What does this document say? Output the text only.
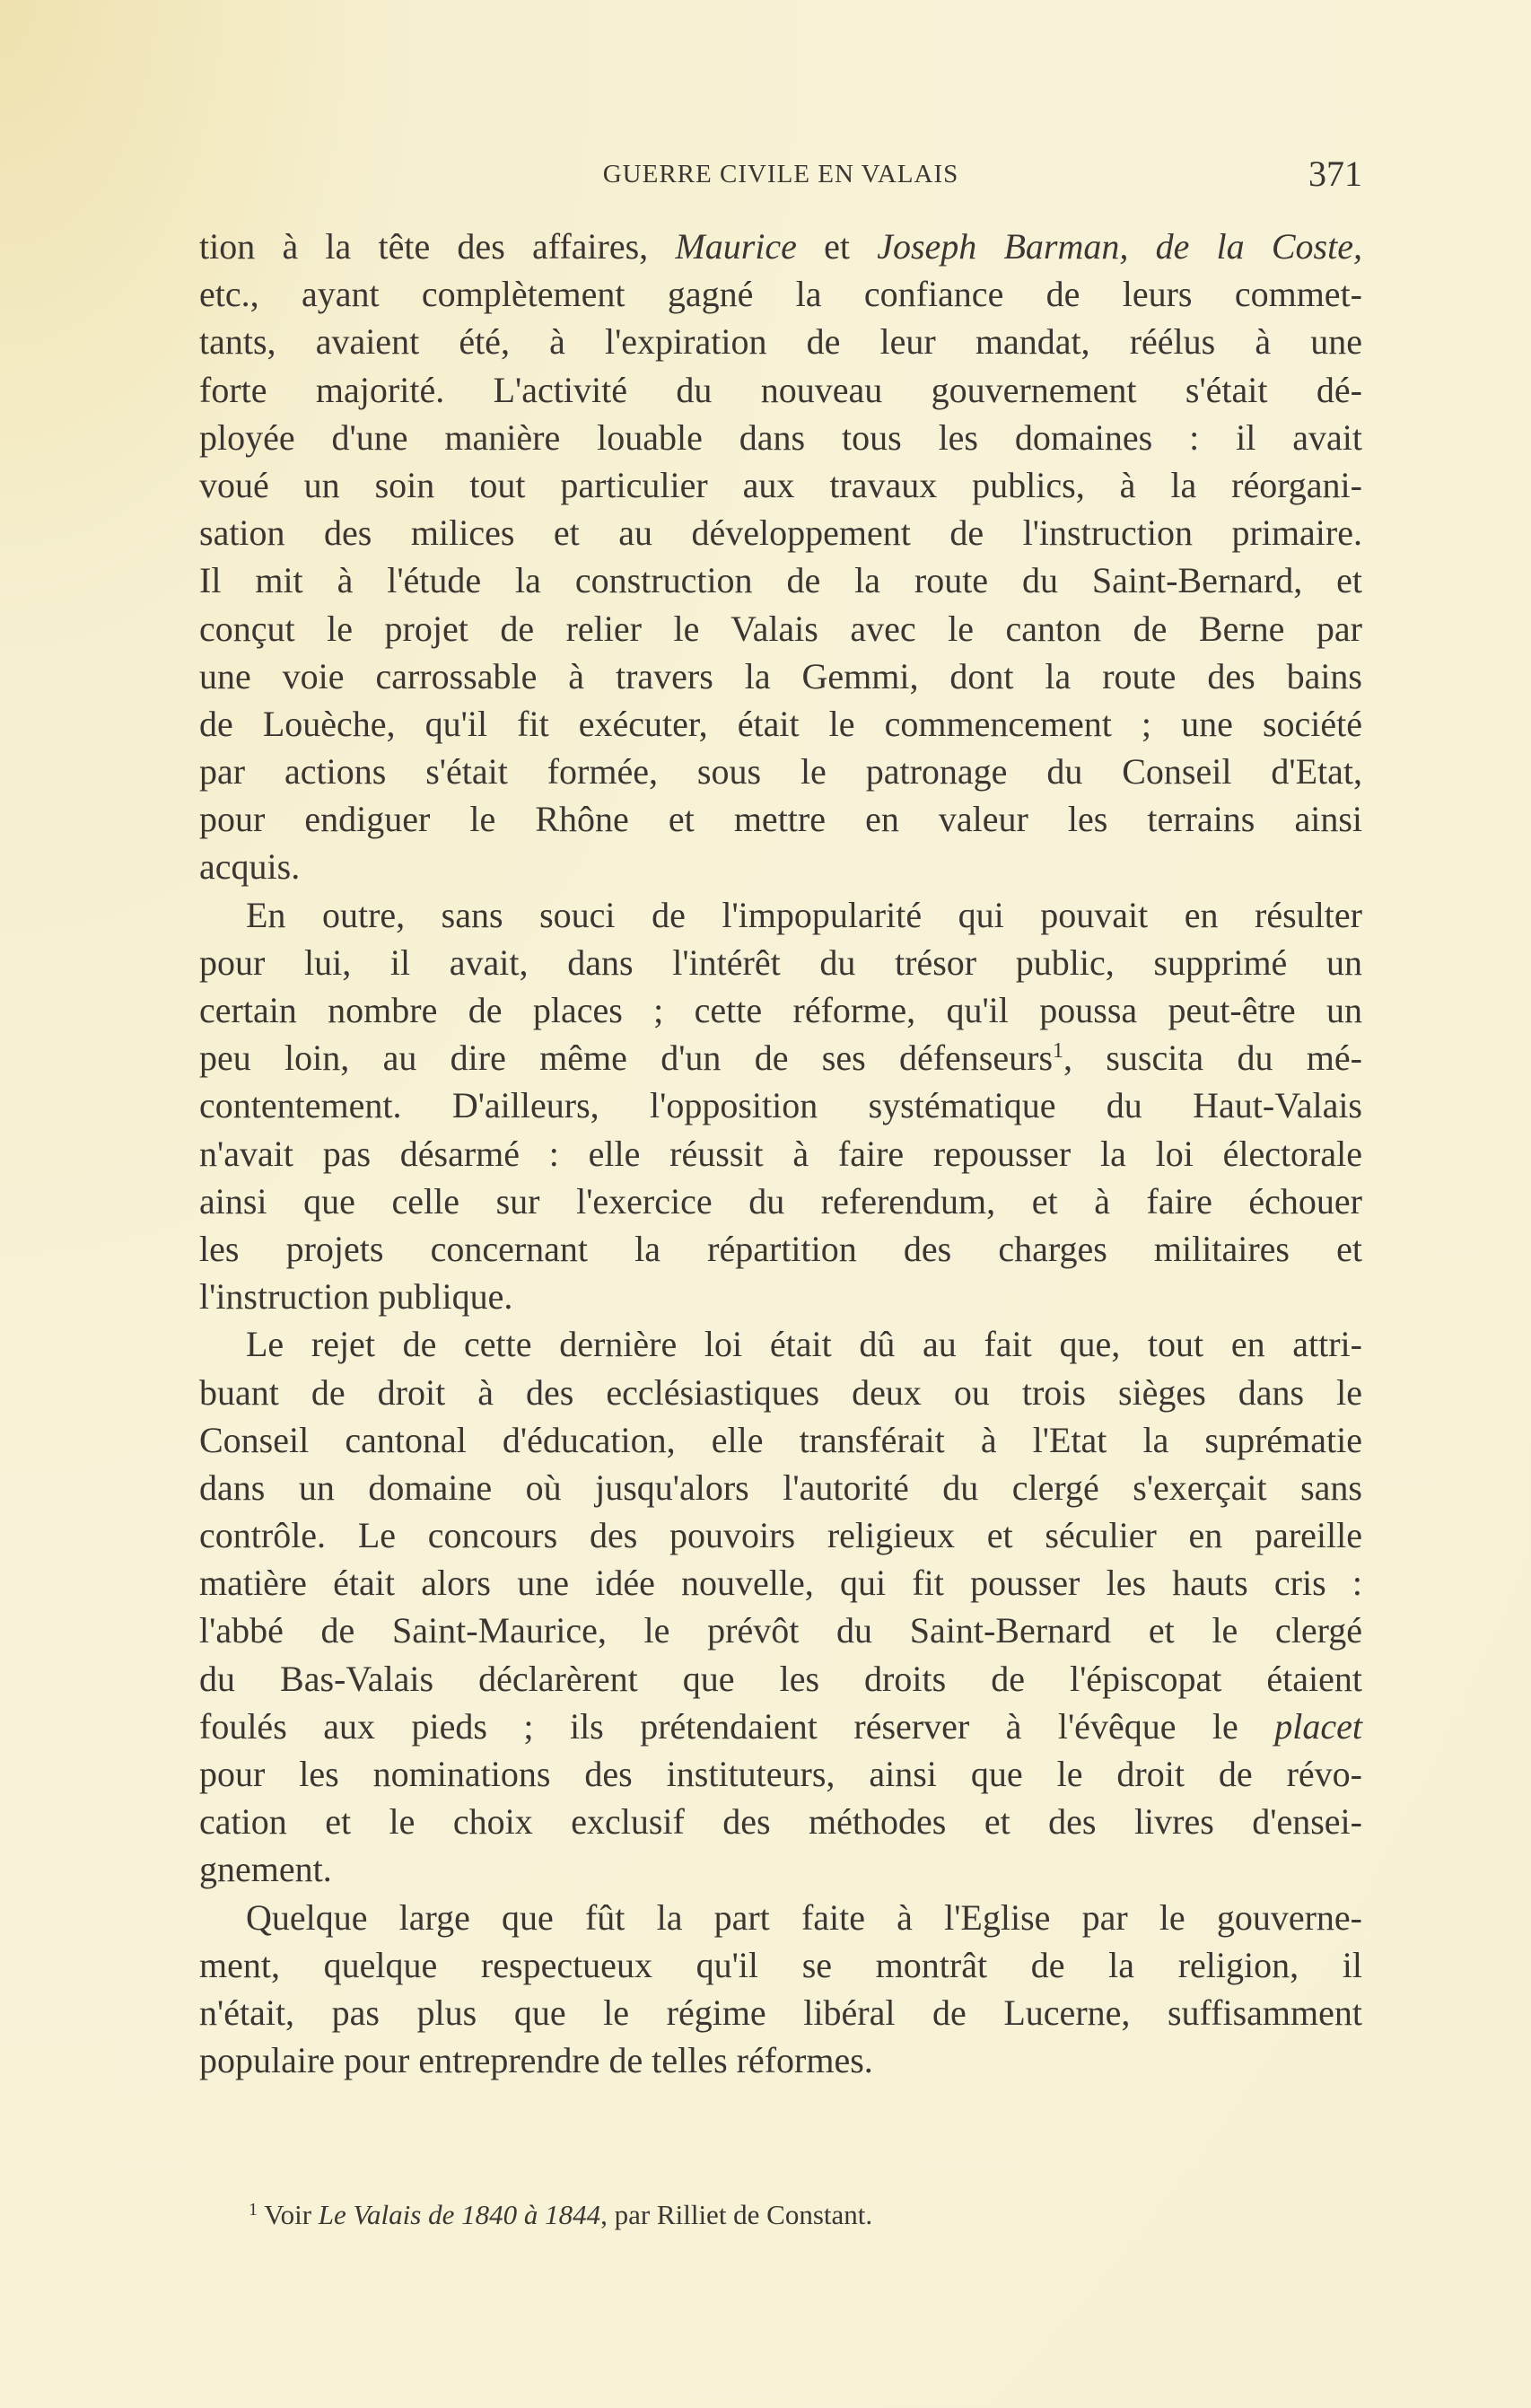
GUERRE CIVILE EN VALAIS	371
tion à la tête des affaires, Maurice et Joseph Barman, de la Coste,
etc., ayant complètement gagné la confiance de leurs commet-
tants, avaient été, à l'expiration de leur mandat, réélus à une
forte majorité. L'activité du nouveau gouvernement s'était dé-
ployée d'une manière louable dans tous les domaines : il avait
voué un soin tout particulier aux travaux publics, à la réorgani-
sation des milices et au développement de l'instruction primaire.
Il mit à l'étude la construction de la route du Saint-Bernard, et
conçut le projet de relier le Valais avec le canton de Berne par
une voie carrossable à travers la Gemmi, dont la route des bains
de Louèche, qu'il fit exécuter, était le commencement ; une société
par actions s'était formée, sous le patronage du Conseil d'Etat,
pour endiguer le Rhône et mettre en valeur les terrains ainsi
acquis.
En outre, sans souci de l'impopularité qui pouvait en résulter
pour lui, il avait, dans l'intérêt du trésor public, supprimé un
certain nombre de places ; cette réforme, qu'il poussa peut-être un
peu loin, au dire même d'un de ses défenseurs$^1$, suscita du mé-
contentement. D'ailleurs, l'opposition systématique du Haut-Valais
n'avait pas désarmé : elle réussit à faire repousser la loi électorale
ainsi que celle sur l'exercice du referendum, et à faire échouer
les projets concernant la répartition des charges militaires et
l'instruction publique.
Le rejet de cette dernière loi était dû au fait que, tout en attri-
buant de droit à des ecclésiastiques deux ou trois sièges dans le
Conseil cantonal d'éducation, elle transférait à l'Etat la suprématie
dans un domaine où jusqu'alors l'autorité du clergé s'exerçait sans
contrôle. Le concours des pouvoirs religieux et séculier en pareille
matière était alors une idée nouvelle, qui fit pousser les hauts cris :
l'abbé de Saint-Maurice, le prévôt du Saint-Bernard et le clergé
du Bas-Valais déclarèrent que les droits de l'épiscopat étaient
foulés aux pieds ; ils prétendaient réserver à l'évêque le placet
pour les nominations des instituteurs, ainsi que le droit de révo-
cation et le choix exclusif des méthodes et des livres d'ensei-
gnement.
Quelque large que fût la part faite à l'Eglise par le gouverne-
ment, quelque respectueux qu'il se montrât de la religion, il
n'était, pas plus que le régime libéral de Lucerne, suffisamment
populaire pour entreprendre de telles réformes.
$^1$ Voir Le Valais de 1840 à 1844, par Rilliet de Constant.
